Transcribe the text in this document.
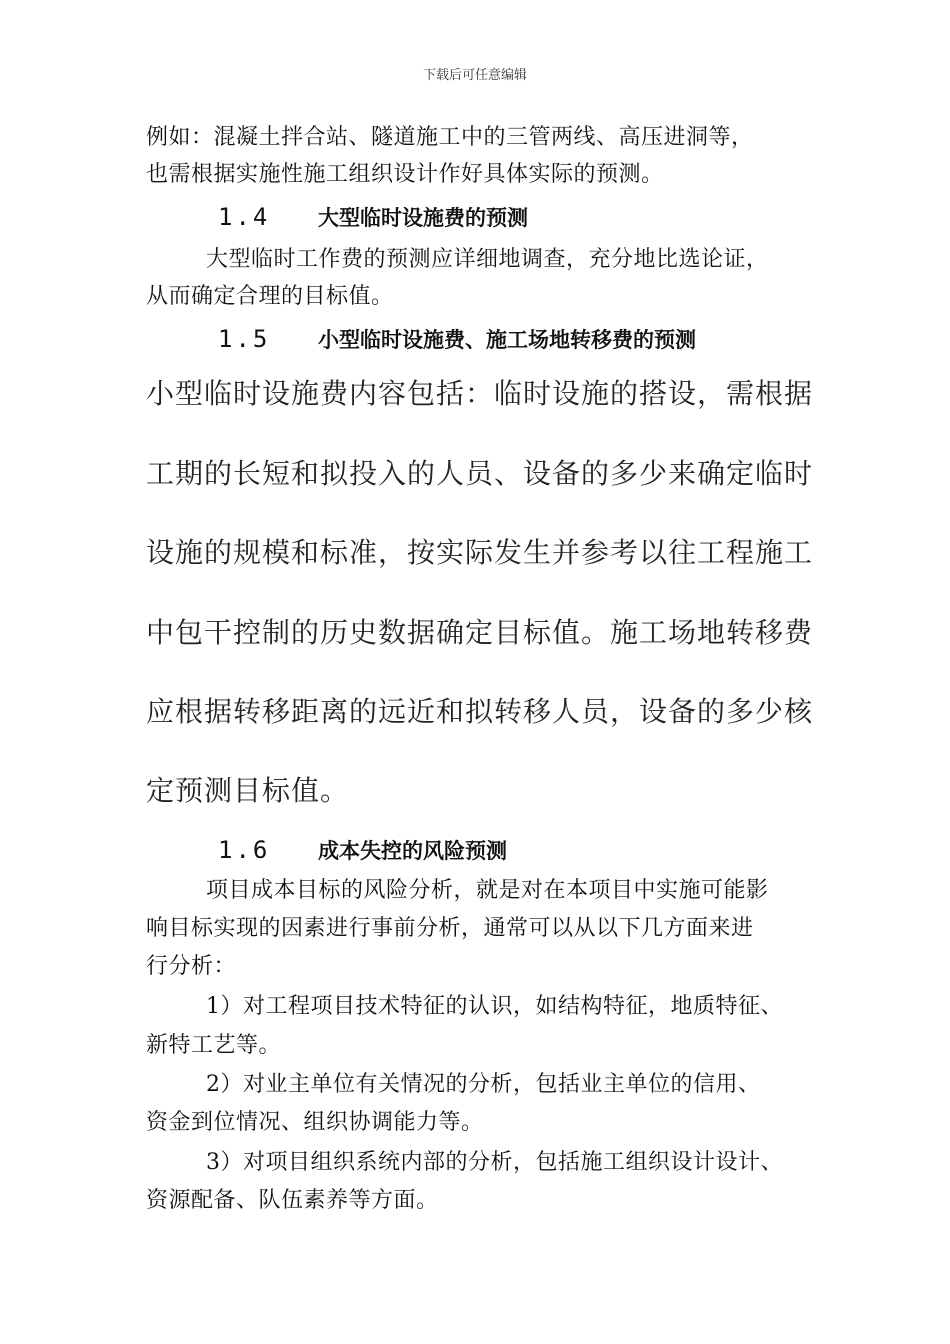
下载后可任意编辑
例如：混凝土拌合站、隧道施工中的三管两线、高压进洞等，
也需根据实施性施工组织设计作好具体实际的预测。
1.4 大型临时设施费的预测
大型临时工作费的预测应详细地调查，充分地比选论证，
从而确定合理的目标值。
1.5 小型临时设施费、施工场地转移费的预测
小型临时设施费内容包括：临时设施的搭设，需根据
工期的长短和拟投入的人员、设备的多少来确定临时
设施的规模和标准，按实际发生并参考以往工程施工
中包干控制的历史数据确定目标值。施工场地转移费
应根据转移距离的远近和拟转移人员，设备的多少核
定预测目标值。
1.6 成本失控的风险预测
项目成本目标的风险分析，就是对在本项目中实施可能影
响目标实现的因素进行事前分析，通常可以从以下几方面来进
行分析：
1）对工程项目技术特征的认识，如结构特征，地质特征、
新特工艺等。
2）对业主单位有关情况的分析，包括业主单位的信用、
资金到位情况、组织协调能力等。
3）对项目组织系统内部的分析，包括施工组织设计设计、
资源配备、队伍素养等方面。
